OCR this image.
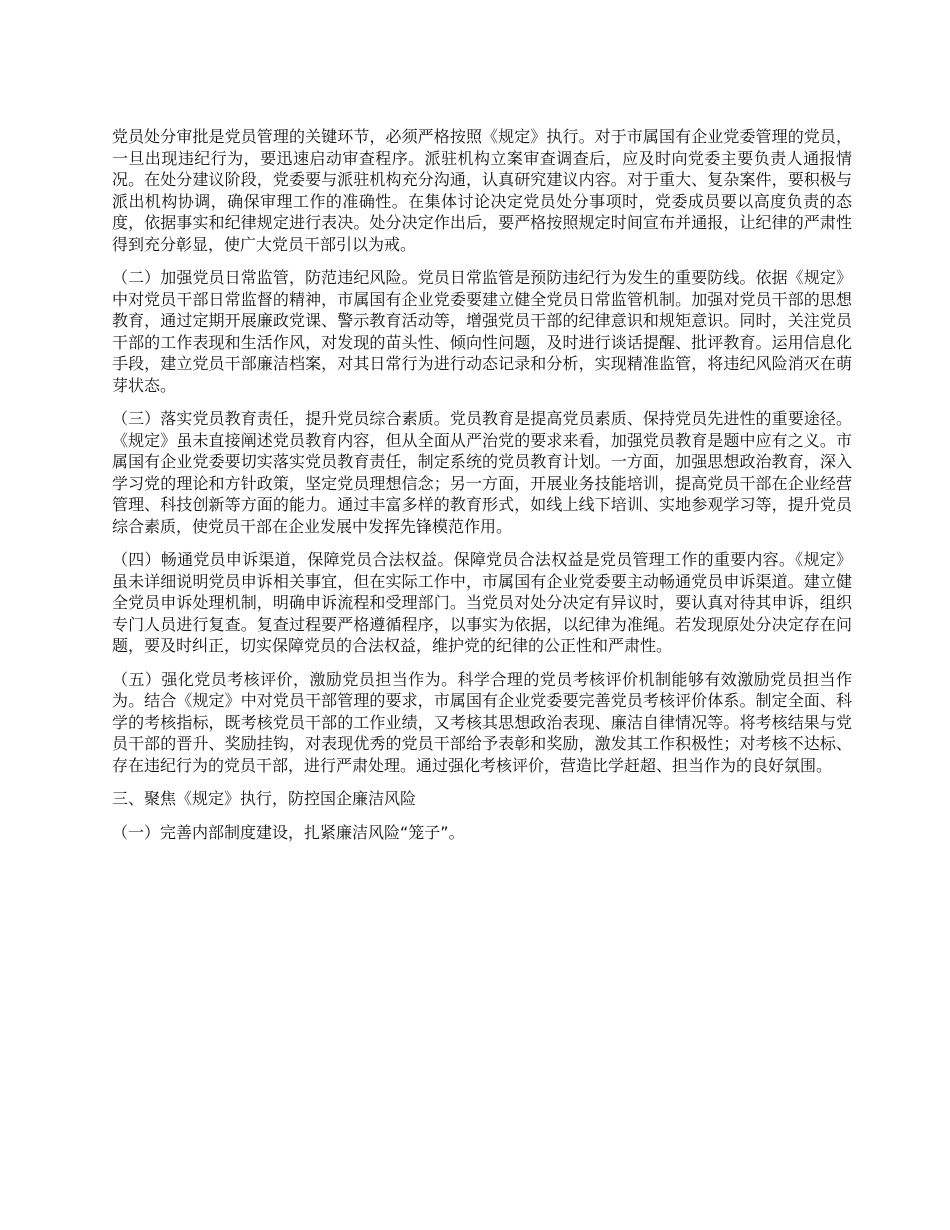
党员处分审批是党员管理的关键环节，必须严格按照《规定》执行。对于市属国有企业党委管理的党员，一旦出现违纪行为，要迅速启动审查程序。派驻机构立案审查调查后，应及时向党委主要负责人通报情况。在处分建议阶段，党委要与派驻机构充分沟通，认真研究建议内容。对于重大、复杂案件，要积极与派出机构协调，确保审理工作的准确性。在集体讨论决定党员处分事项时，党委成员要以高度负责的态度，依据事实和纪律规定进行表决。处分决定作出后，要严格按照规定时间宣布并通报，让纪律的严肃性得到充分彰显，使广大党员干部引以为戒。

（二）加强党员日常监管，防范违纪风险。党员日常监管是预防违纪行为发生的重要防线。依据《规定》中对党员干部日常监督的精神，市属国有企业党委要建立健全党员日常监管机制。加强对党员干部的思想教育，通过定期开展廉政党课、警示教育活动等，增强党员干部的纪律意识和规矩意识。同时，关注党员干部的工作表现和生活作风，对发现的苗头性、倾向性问题，及时进行谈话提醒、批评教育。运用信息化手段，建立党员干部廉洁档案，对其日常行为进行动态记录和分析，实现精准监管，将违纪风险消灭在萌芽状态。

（三）落实党员教育责任，提升党员综合素质。党员教育是提高党员素质、保持党员先进性的重要途径。《规定》虽未直接阐述党员教育内容，但从全面从严治党的要求来看，加强党员教育是题中应有之义。市属国有企业党委要切实落实党员教育责任，制定系统的党员教育计划。一方面，加强思想政治教育，深入学习党的理论和方针政策，坚定党员理想信念；另一方面，开展业务技能培训，提高党员干部在企业经营管理、科技创新等方面的能力。通过丰富多样的教育形式，如线上线下培训、实地参观学习等，提升党员综合素质，使党员干部在企业发展中发挥先锋模范作用。

（四）畅通党员申诉渠道，保障党员合法权益。保障党员合法权益是党员管理工作的重要内容。《规定》虽未详细说明党员申诉相关事宜，但在实际工作中，市属国有企业党委要主动畅通党员申诉渠道。建立健全党员申诉处理机制，明确申诉流程和受理部门。当党员对处分决定有异议时，要认真对待其申诉，组织专门人员进行复查。复查过程要严格遵循程序，以事实为依据，以纪律为准绳。若发现原处分决定存在问题，要及时纠正，切实保障党员的合法权益，维护党的纪律的公正性和严肃性。

（五）强化党员考核评价，激励党员担当作为。科学合理的党员考核评价机制能够有效激励党员担当作为。结合《规定》中对党员干部管理的要求，市属国有企业党委要完善党员考核评价体系。制定全面、科学的考核指标，既考核党员干部的工作业绩，又考核其思想政治表现、廉洁自律情况等。将考核结果与党员干部的晋升、奖励挂钩，对表现优秀的党员干部给予表彰和奖励，激发其工作积极性；对考核不达标、存在违纪行为的党员干部，进行严肃处理。通过强化考核评价，营造比学赶超、担当作为的良好氛围。

三、聚焦《规定》执行，防控国企廉洁风险

（一）完善内部制度建设，扎紧廉洁风险“笼子”。
